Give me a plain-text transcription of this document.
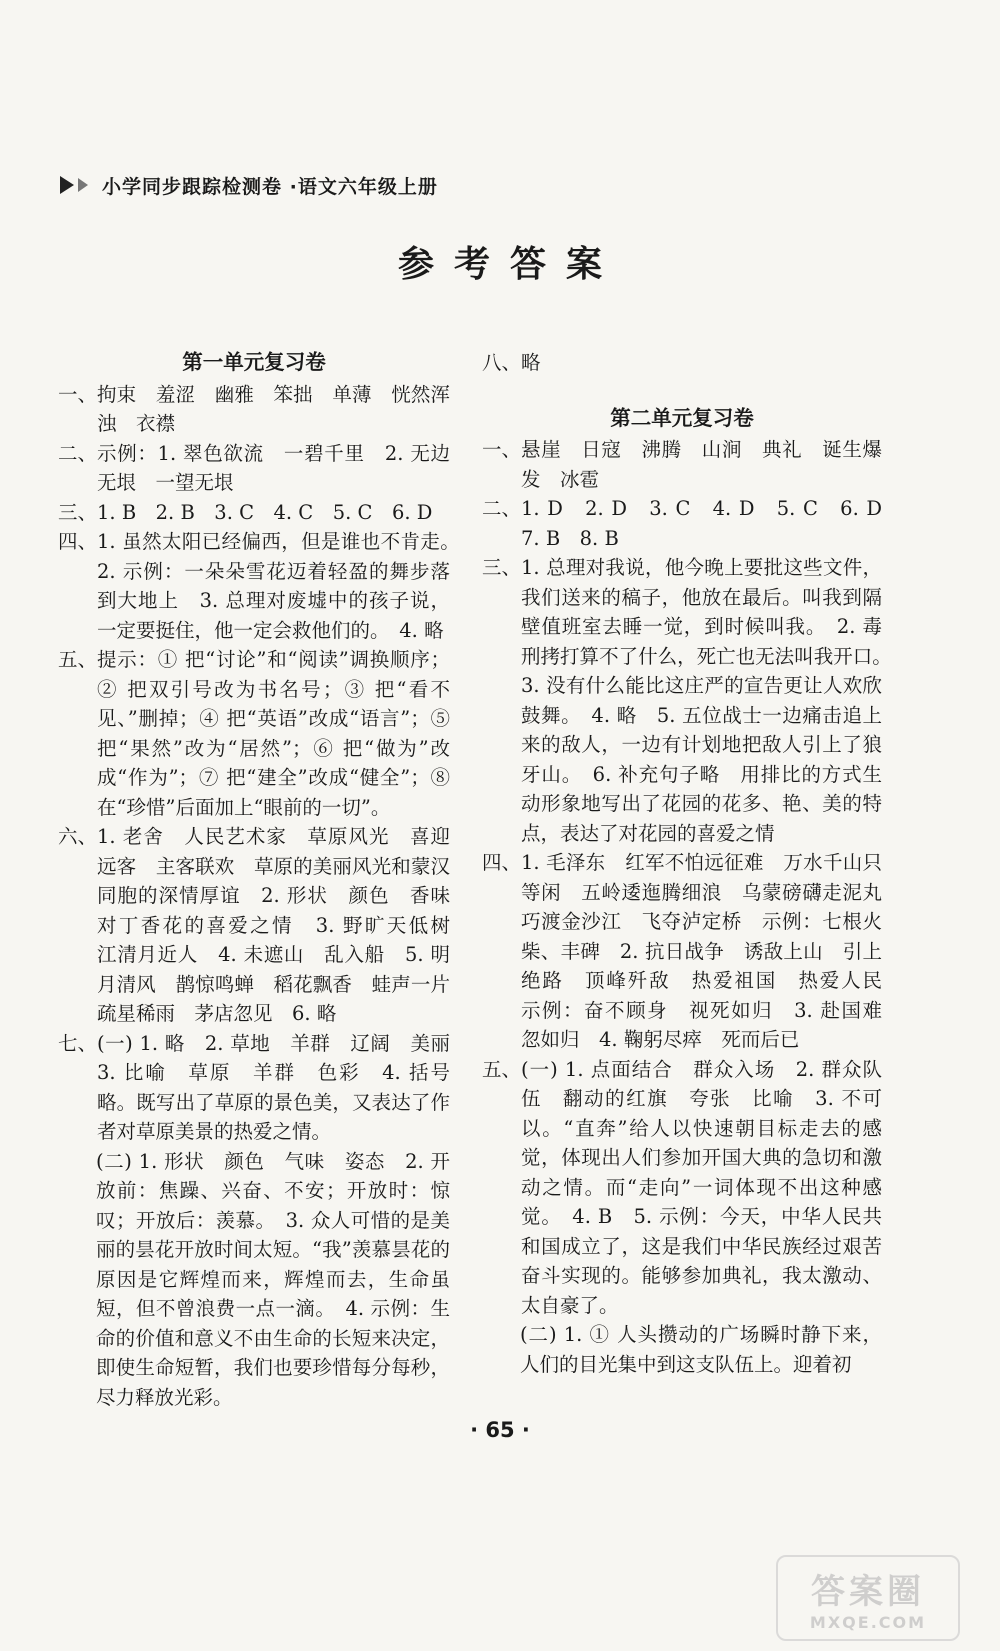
小学同步跟踪检测卷 ·语文六年级上册
参考答案
第一单元复习卷
一、 拘束　羞涩　幽雅　笨拙　单薄　恍然浑浊　衣襟
二、 示例：1. 翠色欲流　一碧千里　2. 无边无垠　一望无垠
三、 1. B　2. B　3. C　4. C　5. C　6. D
四、 1. 虽然太阳已经偏西，但是谁也不肯走。　2. 示例：一朵朵雪花迈着轻盈的舞步落到大地上　3. 总理对废墟中的孩子说，一定要挺住，他一定会救他们的。　4. 略
五、 提示：① 把“讨论”和“阅读”调换顺序；② 把双引号改为书名号；③ 把“看不见、”删掉；④ 把“英语”改成“语言”；⑤ 把“果然”改为“居然”；⑥ 把“做为”改成“作为”；⑦ 把“建全”改成“健全”；⑧在“珍惜”后面加上“眼前的一切”。
六、 1. 老舍　人民艺术家　草原风光　喜迎远客　主客联欢　草原的美丽风光和蒙汉同胞的深情厚谊　2. 形状　颜色　香味　对丁香花的喜爱之情　3. 野旷天低树　江清月近人　4. 未遮山　乱入船　5. 明月清风　鹊惊鸣蝉　稻花飘香　蛙声一片　疏星稀雨　茅店忽见　6. 略
七、 (一) 1. 略　2. 草地　羊群　辽阔　美丽　3. 比喻　草原　羊群　色彩　4. 括号略。既写出了草原的景色美，又表达了作者对草原美景的热爱之情。
(二) 1. 形状　颜色　气味　姿态　2. 开放前：焦躁、兴奋、不安；开放时：惊叹；开放后：羡慕。　3. 众人可惜的是美丽的昙花开放时间太短。“我”羡慕昙花的原因是它辉煌而来，辉煌而去，生命虽短，但不曾浪费一点一滴。　4. 示例：生命的价值和意义不由生命的长短来决定，即使生命短暂，我们也要珍惜每分每秒，尽力释放光彩。
八、 略
第二单元复习卷
一、 悬崖　日寇　沸腾　山涧　典礼　诞生爆发　冰雹
二、 1. D　2. D　3. C　4. D　5. C　6. D　7. B　8. B
三、 1. 总理对我说，他今晚上要批这些文件，我们送来的稿子，他放在最后。叫我到隔壁值班室去睡一觉，到时候叫我。　2. 毒刑拷打算不了什么，死亡也无法叫我开口。　3. 没有什么能比这庄严的宣告更让人欢欣鼓舞。　4. 略　5. 五位战士一边痛击追上来的敌人，一边有计划地把敌人引上了狼牙山。　6. 补充句子略　用排比的方式生动形象地写出了花园的花多、艳、美的特点，表达了对花园的喜爱之情
四、 1. 毛泽东　红军不怕远征难　万水千山只等闲　五岭逶迤腾细浪　乌蒙磅礴走泥丸　巧渡金沙江　飞夺泸定桥　示例：七根火柴、丰碑　2. 抗日战争　诱敌上山　引上绝路　顶峰歼敌　热爱祖国　热爱人民　示例：奋不顾身　视死如归　3. 赴国难　忽如归　4. 鞠躬尽瘁　死而后已
五、 (一) 1. 点面结合　群众入场　2. 群众队伍　翻动的红旗　夸张　比喻　3. 不可以。“直奔”给人以快速朝目标走去的感觉，体现出人们参加开国大典的急切和激动之情。而“走向”一词体现不出这种感觉。　4. B　5. 示例：今天，中华人民共和国成立了，这是我们中华民族经过艰苦奋斗实现的。能够参加典礼，我太激动、太自豪了。
(二) 1. ① 人头攒动的广场瞬时静下来，人们的目光集中到这支队伍上。迎着初
· 65 ·
答案圈
MXQE.COM
